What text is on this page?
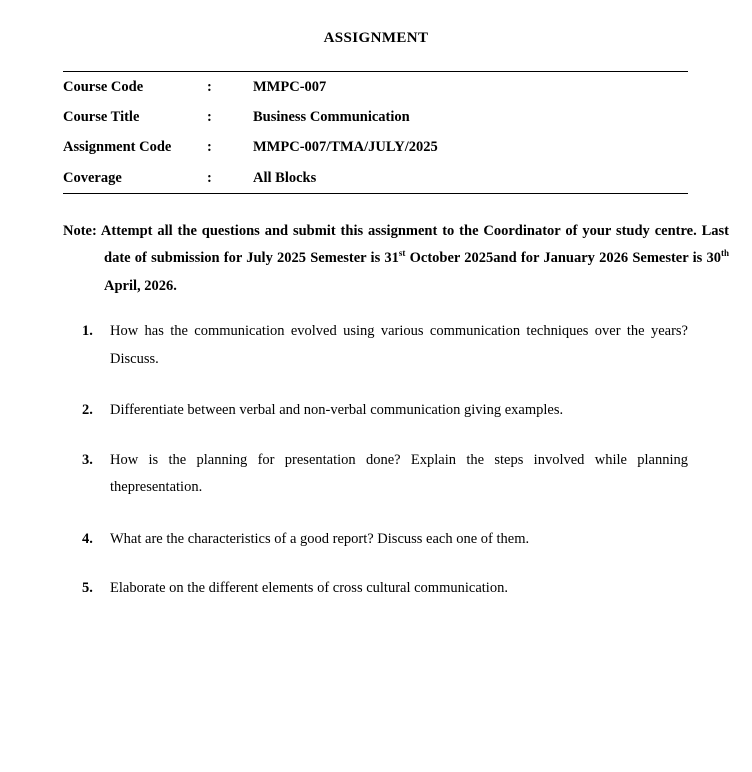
ASSIGNMENT
Course Code	:	MMPC-007
Course Title	:	Business Communication
Assignment Code	:	MMPC-007/TMA/JULY/2025
Coverage	:	All Blocks

Note: Attempt all the questions and submit this assignment to the Coordinator of your study centre. Last date of submission for July 2025 Semester is 31st October 2025and for January 2026 Semester is 30th April, 2026.

1.	How has the communication evolved using various communication techniques over the years?Discuss.
2.	Differentiate between verbal and non-verbal communication giving examples.
3.	How is the planning for presentation done? Explain the steps involved while planning thepresentation.
4.	What are the characteristics of a good report? Discuss each one of them.
5.	Elaborate on the different elements of cross cultural communication.
